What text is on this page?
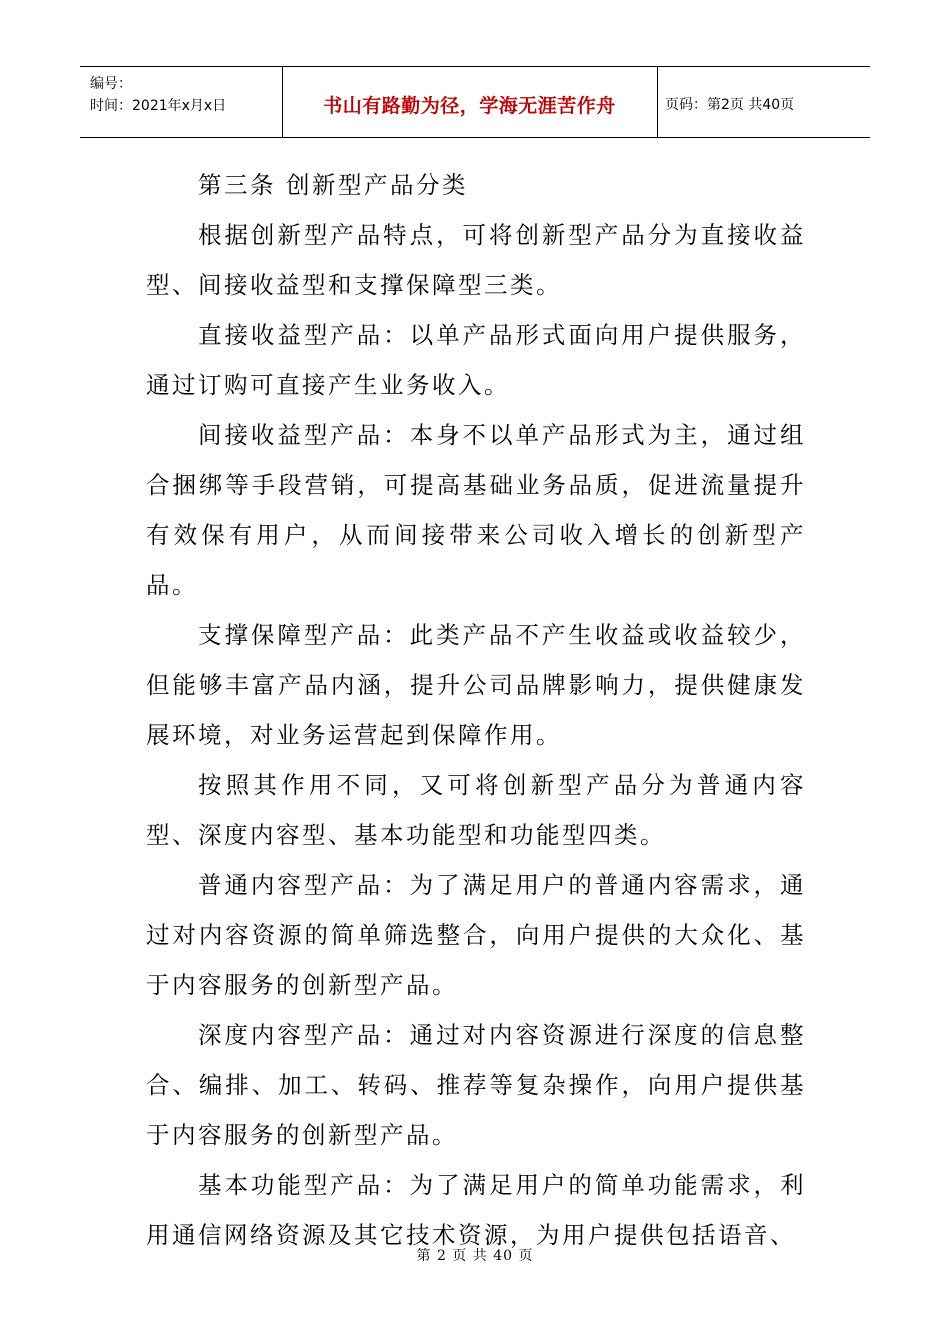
编号：
时间：2021年x月x日	书山有路勤为径，学海无涯苦作舟	页码：第2页 共40页

第三条 创新型产品分类

根据创新型产品特点，可将创新型产品分为直接收益型、间接收益型和支撑保障型三类。

直接收益型产品：以单产品形式面向用户提供服务，通过订购可直接产生业务收入。

间接收益型产品：本身不以单产品形式为主，通过组合捆绑等手段营销，可提高基础业务品质，促进流量提升有效保有用户，从而间接带来公司收入增长的创新型产品。

支撑保障型产品：此类产品不产生收益或收益较少，但能够丰富产品内涵，提升公司品牌影响力，提供健康发展环境，对业务运营起到保障作用。

按照其作用不同，又可将创新型产品分为普通内容型、深度内容型、基本功能型和功能型四类。

普通内容型产品：为了满足用户的普通内容需求，通过对内容资源的简单筛选整合，向用户提供的大众化、基于内容服务的创新型产品。

深度内容型产品：通过对内容资源进行深度的信息整合、编排、加工、转码、推荐等复杂操作，向用户提供基于内容服务的创新型产品。

基本功能型产品：为了满足用户的简单功能需求，利用通信网络资源及其它技术资源，为用户提供包括语音、

第 2 页 共 40 页
